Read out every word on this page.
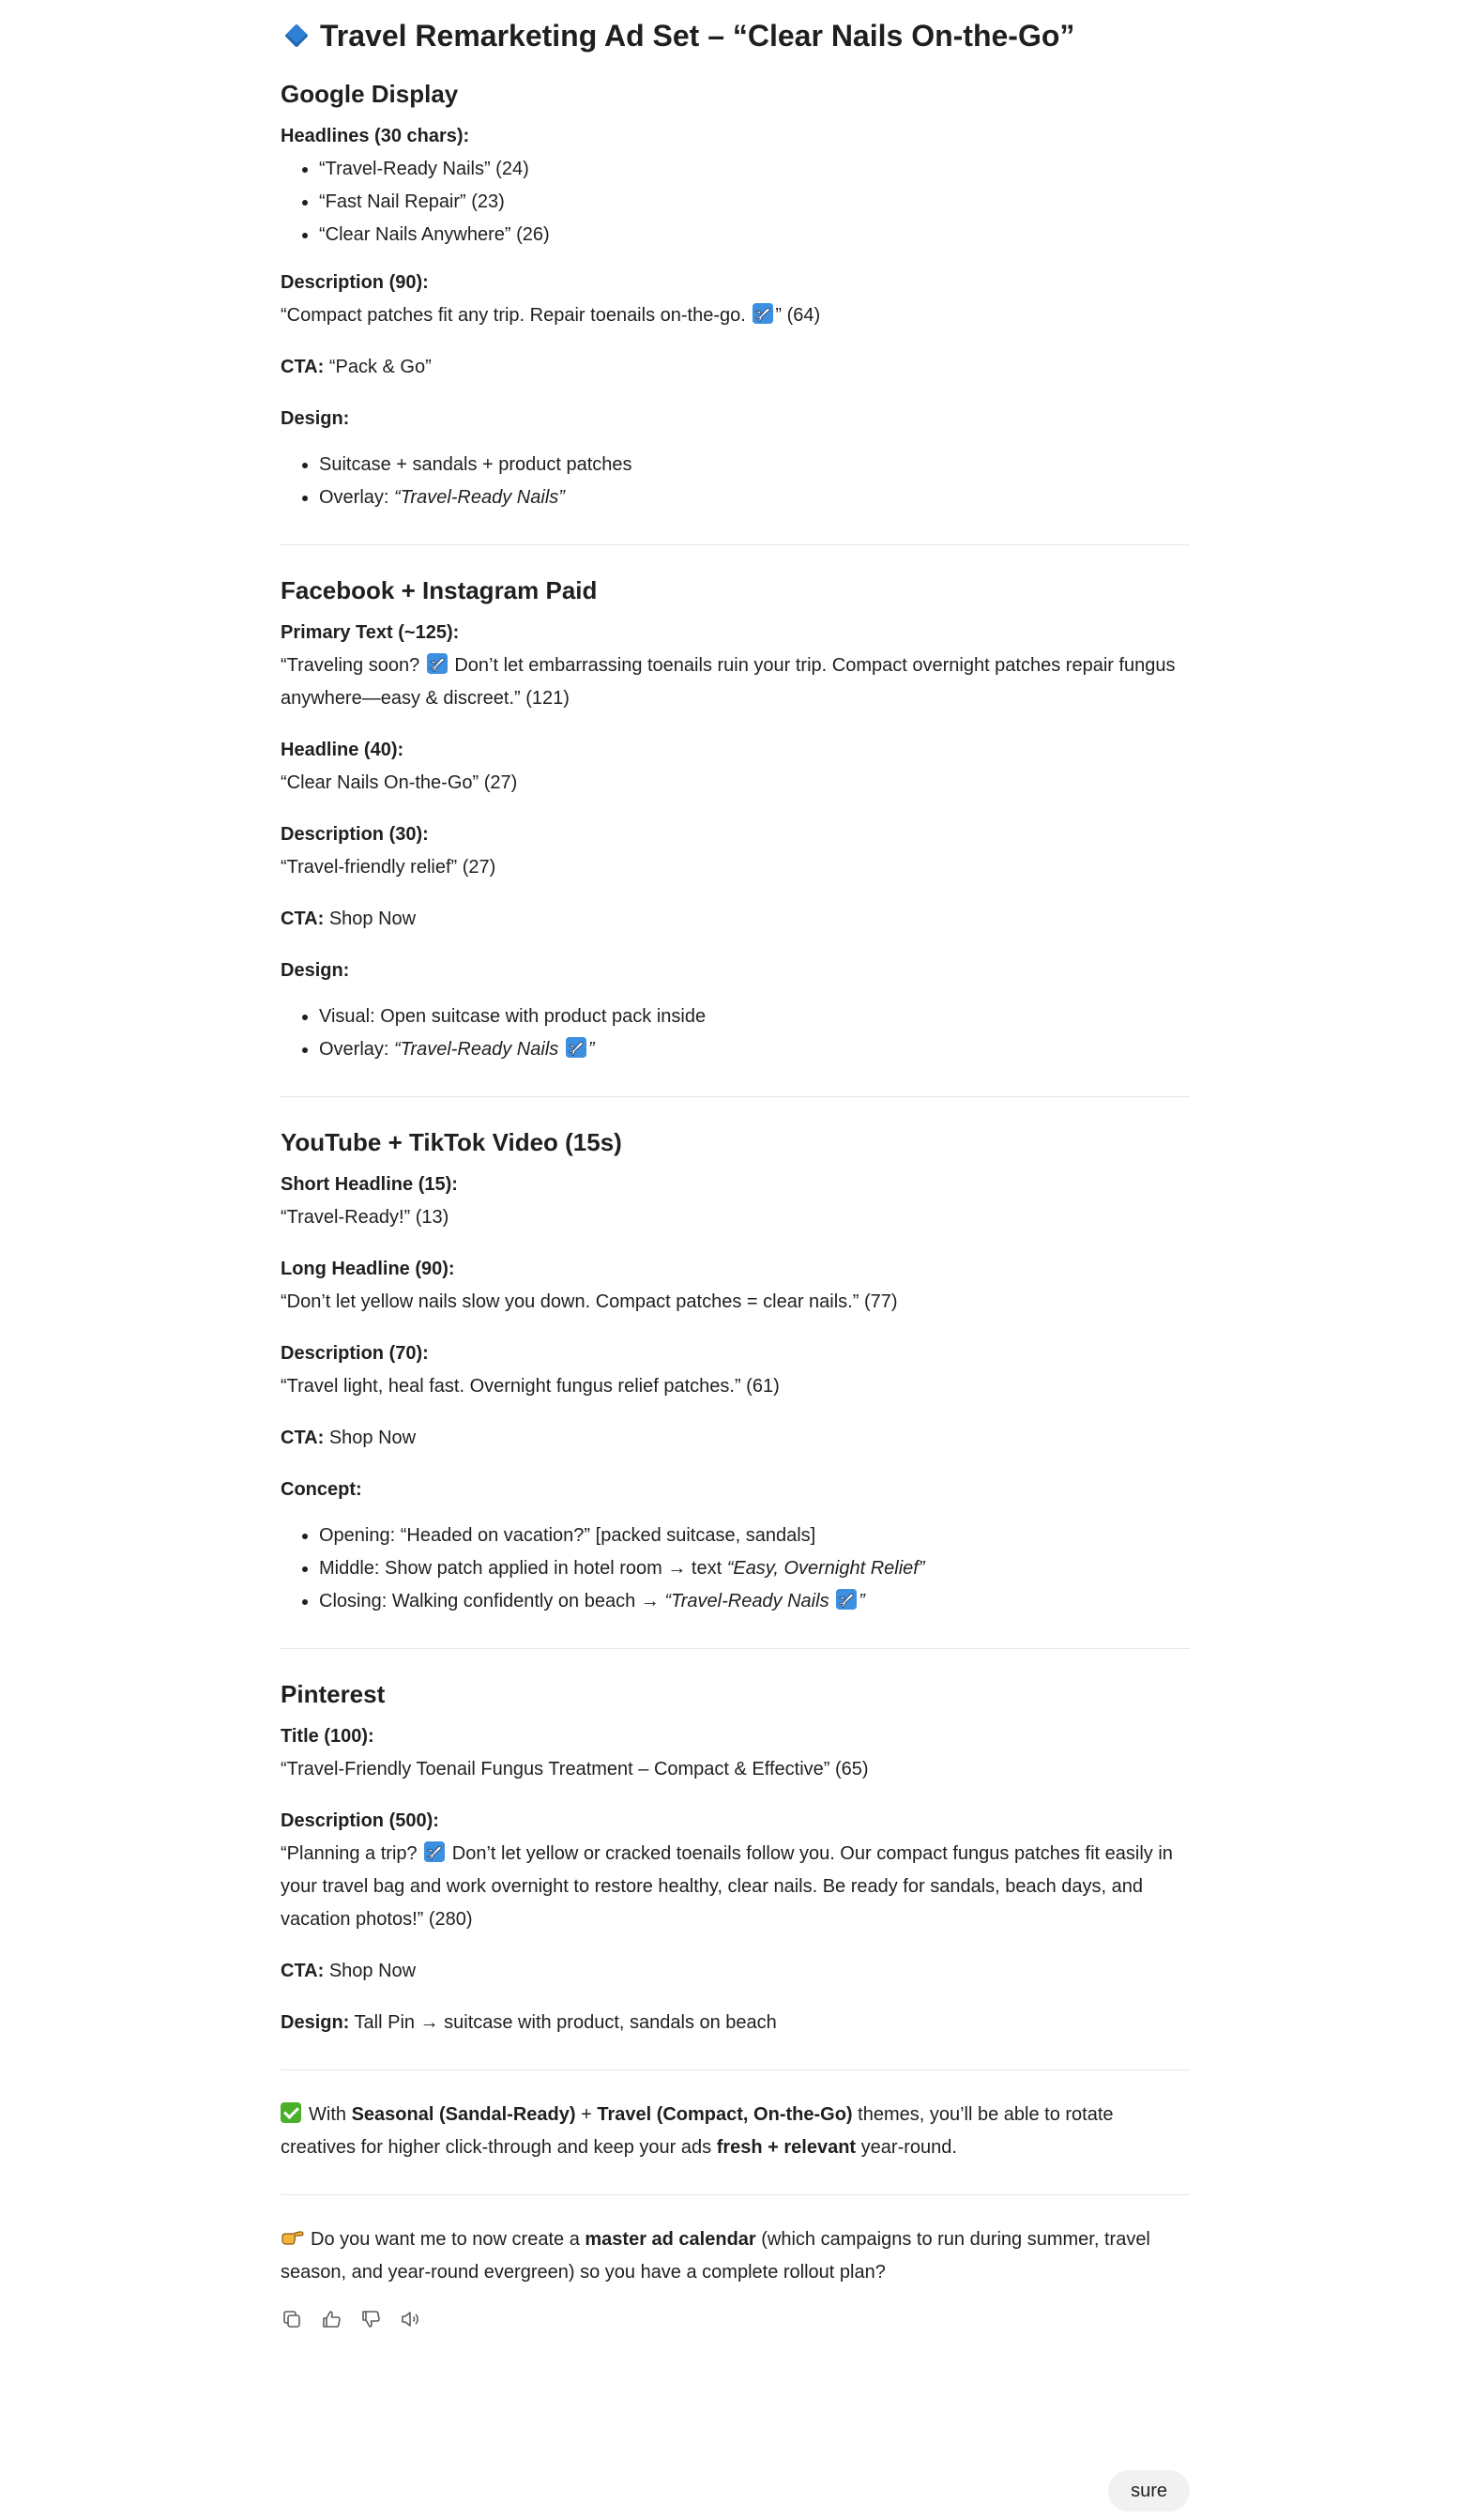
Travel Remarketing Ad Set – “Clear Nails On-the-Go”
Google Display

Headlines (30 chars):

• “Travel-Ready Nails” (24)
• “Fast Nail Repair” (23)
• “Clear Nails Anywhere” (26)

Description (90):
“Compact patches fit any trip. Repair toenails on-the-go. ” (64)

CTA: “Pack & Go”

Design:

• Suitcase + sandals + product patches
• Overlay: “Travel-Ready Nails”
Facebook + Instagram Paid

Primary Text (~125):
“Traveling soon? Don’t let embarrassing toenails ruin your trip. Compact overnight patches repair fungus anywhere—easy & discreet.” (121)

Headline (40):
“Clear Nails On-the-Go” (27)

Description (30):
“Travel-friendly relief” (27)

CTA: Shop Now

Design:

• Visual: Open suitcase with product pack inside
• Overlay: “Travel-Ready Nails ”
YouTube + TikTok Video (15s)

Short Headline (15):
“Travel-Ready!” (13)

Long Headline (90):
“Don’t let yellow nails slow you down. Compact patches = clear nails.” (77)

Description (70):
“Travel light, heal fast. Overnight fungus relief patches.” (61)

CTA: Shop Now

Concept:

• Opening: “Headed on vacation?” [packed suitcase, sandals]
• Middle: Show patch applied in hotel room → text “Easy, Overnight Relief”
• Closing: Walking confidently on beach → “Travel-Ready Nails ”
Pinterest

Title (100):
“Travel-Friendly Toenail Fungus Treatment – Compact & Effective” (65)

Description (500):
“Planning a trip? Don’t let yellow or cracked toenails follow you. Our compact fungus patches fit easily in your travel bag and work overnight to restore healthy, clear nails. Be ready for sandals, beach days, and vacation photos!” (280)

CTA: Shop Now

Design: Tall Pin → suitcase with product, sandals on beach

With Seasonal (Sandal-Ready) + Travel (Compact, On-the-Go) themes, you’ll be able to rotate creatives for higher click-through and keep your ads fresh + relevant year-round.

Do you want me to now create a master ad calendar (which campaigns to run during summer, travel season, and year-round evergreen) so you have a complete rollout plan?

sure
